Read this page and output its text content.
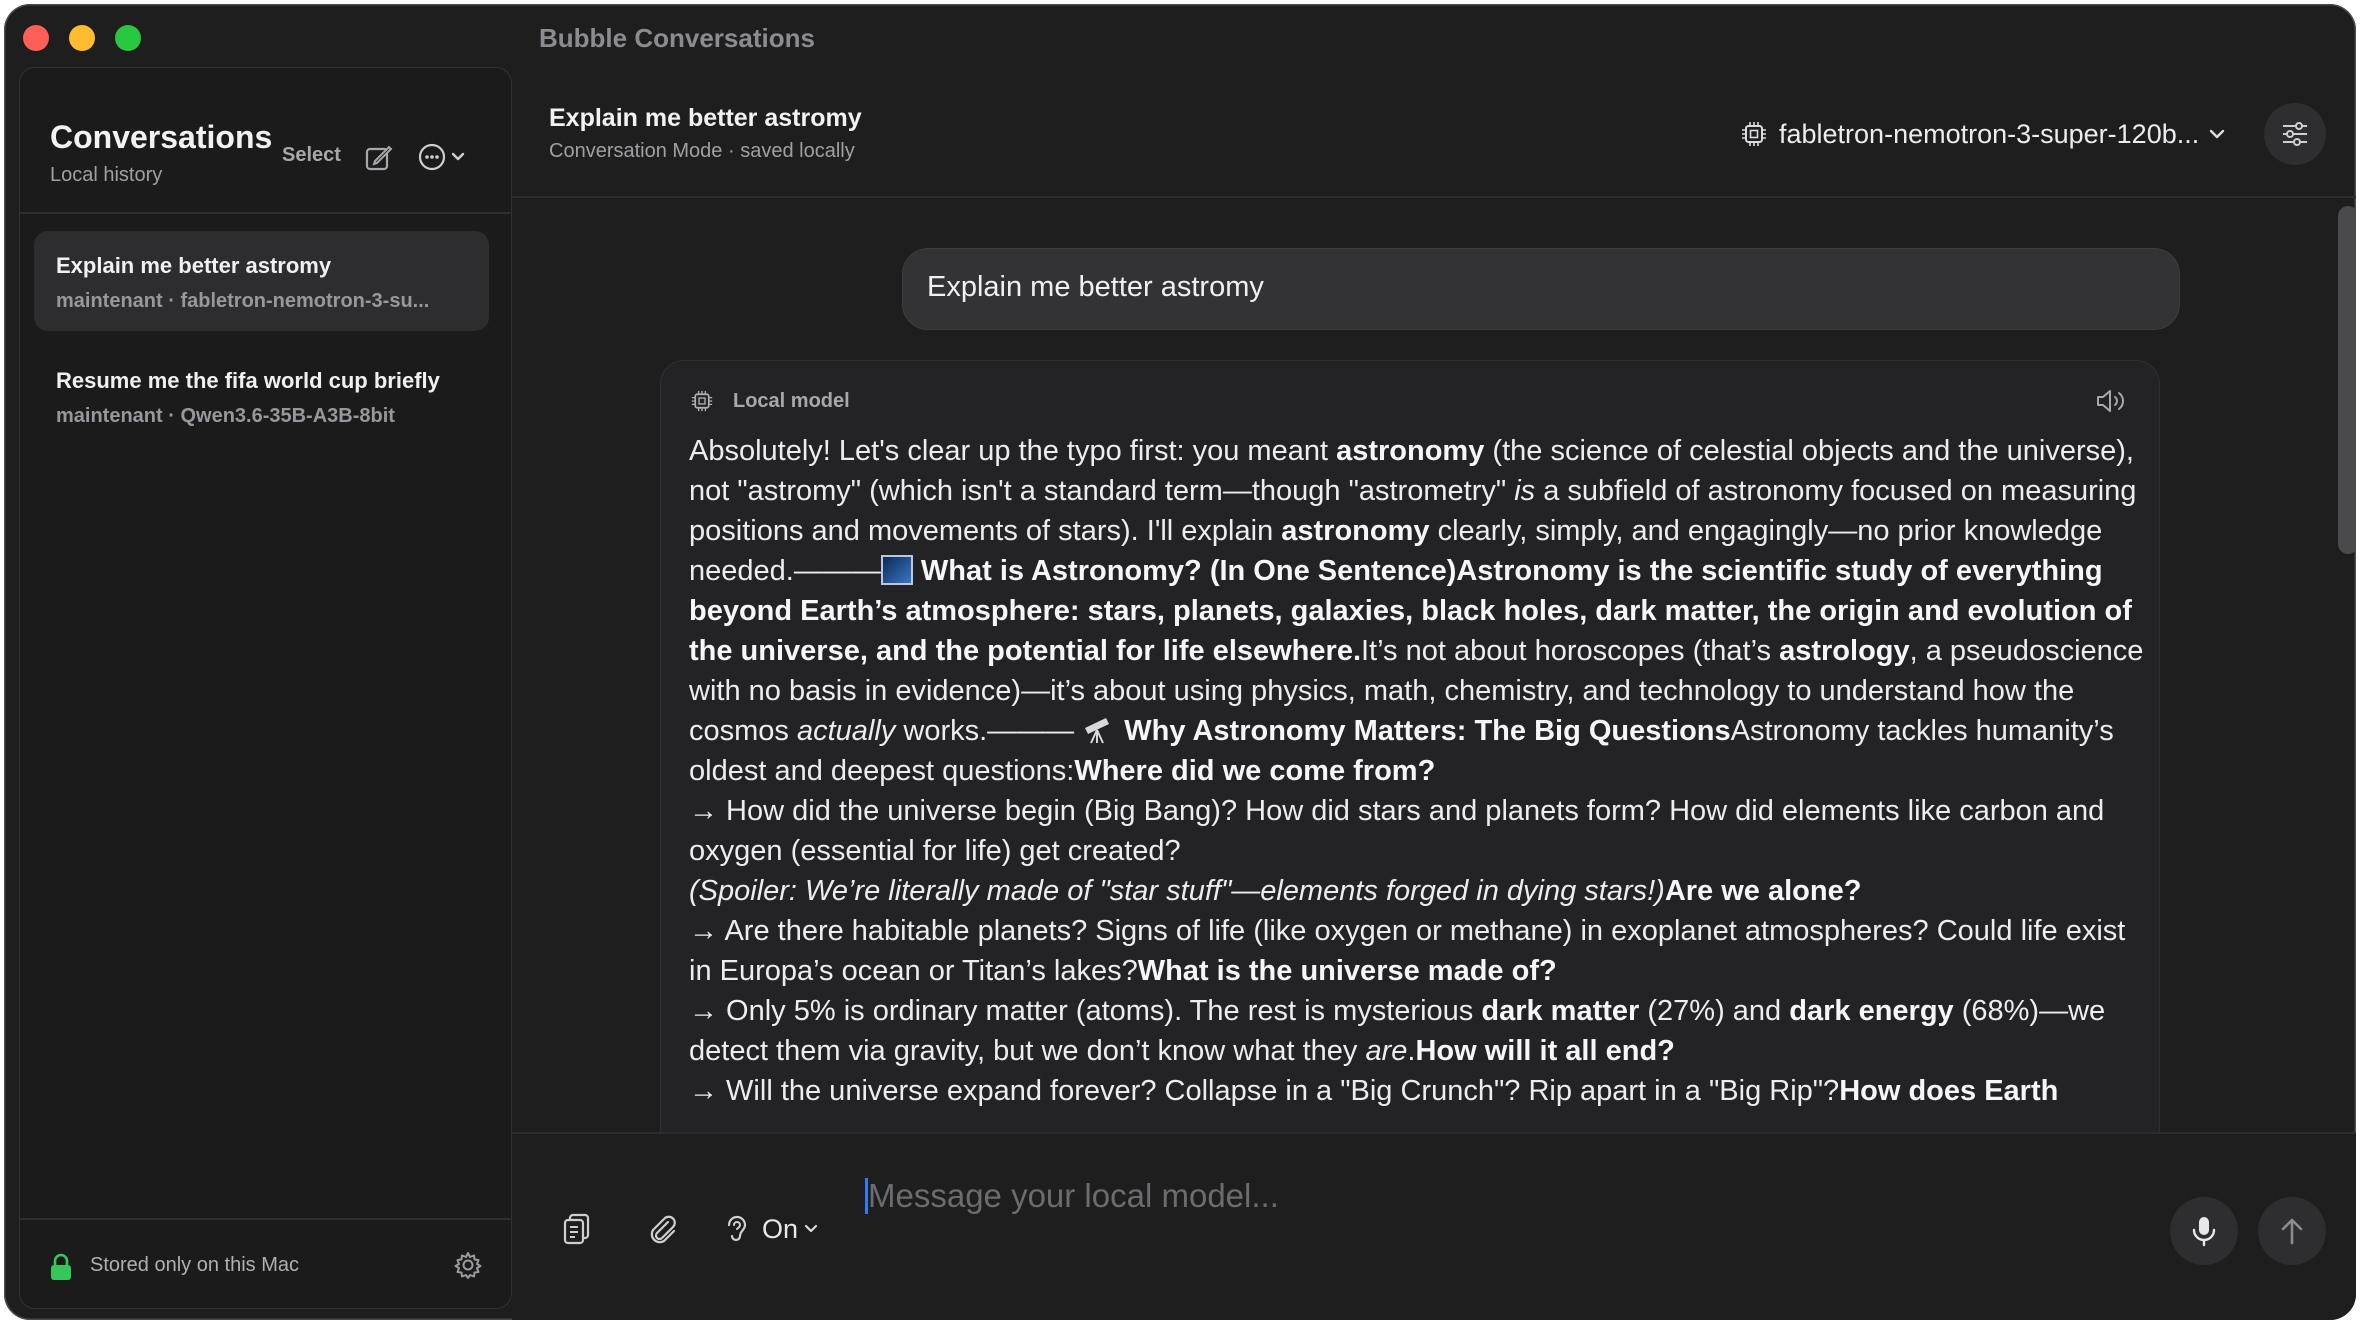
Bubble Conversations
Conversations
Local history
Select
Explain me better astromy
maintenant · fabletron-nemotron-3-su...
Resume me the fifa world cup briefly
maintenant · Qwen3.6-35B-A3B-8bit
Stored only on this Mac
Explain me better astromy
Conversation Mode · saved locally
fabletron-nemotron-3-super-120b...
Explain me better astromy
Local model
Absolutely! Let's clear up the typo first: you meant astronomy (the science of celestial objects and the universe), not "astromy" (which isn't a standard term—though "astrometry" is a subfield of astronomy focused on measuring positions and movements of stars). I'll explain astronomy clearly, simply, and engagingly—no prior knowledge needed.——— What is Astronomy? (In One Sentence)Astronomy is the scientific study of everything beyond Earth’s atmosphere: stars, planets, galaxies, black holes, dark matter, the origin and evolution of the universe, and the potential for life elsewhere.It’s not about horoscopes (that’s astrology, a pseudoscience with no basis in evidence)—it’s about using physics, math, chemistry, and technology to understand how the cosmos actually works.———  Why Astronomy Matters: The Big QuestionsAstronomy tackles humanity’s oldest and deepest questions:Where did we come from?
→ How did the universe begin (Big Bang)? How did stars and planets form? How did elements like carbon and oxygen (essential for life) get created?
(Spoiler: We’re literally made of "star stuff"—elements forged in dying stars!)Are we alone?
→ Are there habitable planets? Signs of life (like oxygen or methane) in exoplanet atmospheres? Could life exist in Europa’s ocean or Titan’s lakes?What is the universe made of?
→ Only 5% is ordinary matter (atoms). The rest is mysterious dark matter (27%) and dark energy (68%)—we detect them via gravity, but we don’t know what they are.How will it all end?
→ Will the universe expand forever? Collapse in a "Big Crunch"? Rip apart in a "Big Rip"?How does Earth
Message your local model...
On
